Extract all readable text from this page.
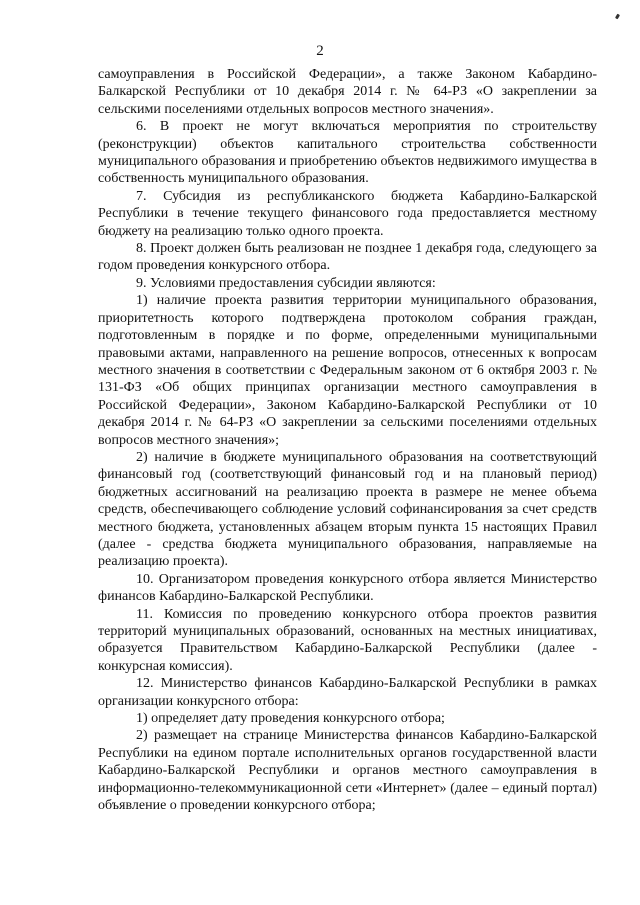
2

самоуправления в Российской Федерации», а также Законом Кабардино-Балкарской Республики от 10 декабря 2014 г. № 64-РЗ «О закреплении за сельскими поселениями отдельных вопросов местного значения».

6. В проект не могут включаться мероприятия по строительству (реконструкции) объектов капитального строительства собственности муниципального образования и приобретению объектов недвижимого имущества в собственность муниципального образования.

7. Субсидия из республиканского бюджета Кабардино-Балкарской Республики в течение текущего финансового года предоставляется местному бюджету на реализацию только одного проекта.

8. Проект должен быть реализован не позднее 1 декабря года, следующего за годом проведения конкурсного отбора.

9. Условиями предоставления субсидии являются:

1) наличие проекта развития территории муниципального образования, приоритетность которого подтверждена протоколом собрания граждан, подготовленным в порядке и по форме, определенными муниципальными правовыми актами, направленного на решение вопросов, отнесенных к вопросам местного значения в соответствии с Федеральным законом от 6 октября 2003 г. № 131-ФЗ «Об общих принципах организации местного самоуправления в Российской Федерации», Законом Кабардино-Балкарской Республики от 10 декабря 2014 г. № 64-РЗ «О закреплении за сельскими поселениями отдельных вопросов местного значения»;

2) наличие в бюджете муниципального образования на соответствующий финансовый год (соответствующий финансовый год и на плановый период) бюджетных ассигнований на реализацию проекта в размере не менее объема средств, обеспечивающего соблюдение условий софинансирования за счет средств местного бюджета, установленных абзацем вторым пункта 15 настоящих Правил (далее - средства бюджета муниципального образования, направляемые на реализацию проекта).

10. Организатором проведения конкурсного отбора является Министерство финансов Кабардино-Балкарской Республики.

11. Комиссия по проведению конкурсного отбора проектов развития территорий муниципальных образований, основанных на местных инициативах, образуется Правительством Кабардино-Балкарской Республики (далее - конкурсная комиссия).

12. Министерство финансов Кабардино-Балкарской Республики в рамках организации конкурсного отбора:

1) определяет дату проведения конкурсного отбора;

2) размещает на странице Министерства финансов Кабардино-Балкарской Республики на едином портале исполнительных органов государственной власти Кабардино-Балкарской Республики и органов местного самоуправления в информационно-телекоммуникационной сети «Интернет» (далее – единый портал) объявление о проведении конкурсного отбора;
